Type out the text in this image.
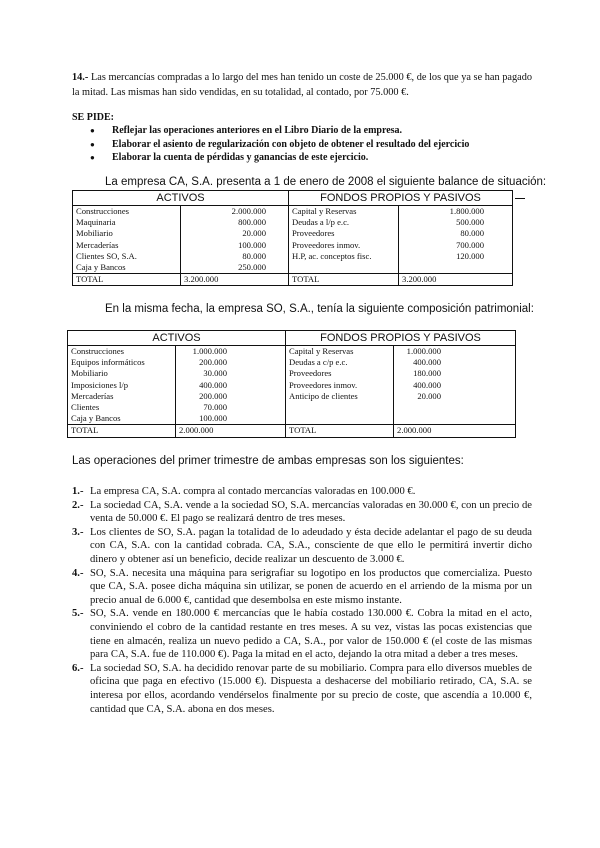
14.- Las mercancías compradas a lo largo del mes han tenido un coste de 25.000 €, de los que ya se han pagado la mitad. Las mismas han sido vendidas, en su totalidad, al contado, por 75.000 €.
SE PIDE:
● Reflejar las operaciones anteriores en el Libro Diario de la empresa.
● Elaborar el asiento de regularización con objeto de obtener el resultado del ejercicio
● Elaborar la cuenta de pérdidas y ganancias de este ejercicio.
La empresa CA, S.A. presenta a 1 de enero de 2008 el siguiente balance de situación:
ACTIVOS		FONDOS PROPIOS Y PASIVOS	
Construcciones	2.000.000	Capital y Reservas	1.800.000
Maquinaria	800.000	Deudas a l/p e.c.	500.000
Mobiliario	20.000	Proveedores	80.000
Mercaderías	100.000	Proveedores inmov.	700.000
Clientes SO, S.A.	80.000	H.P, ac. conceptos fisc.	120.000
Caja y Bancos	250.000		
TOTAL	3.200.000	TOTAL	3.200.000
En la misma fecha, la empresa SO, S.A., tenía la siguiente composición patrimonial:
ACTIVOS		FONDOS PROPIOS Y PASIVOS	
Construcciones	1.000.000	Capital y Reservas	1.000.000
Equipos informáticos	200.000	Deudas a c/p e.c.	400.000
Mobiliario	30.000	Proveedores	180.000
Imposiciones l/p	400.000	Proveedores inmov.	400.000
Mercaderías	200.000	Anticipo de clientes	20.000
Clientes	70.000		
Caja y Bancos	100.000		
TOTAL	2.000.000	TOTAL	2.000.000
Las operaciones del primer trimestre de ambas empresas son los siguientes:
1.- La empresa CA, S.A. compra al contado mercancías valoradas en 100.000 €.
2.- La sociedad CA, S.A. vende a la sociedad SO, S.A. mercancías valoradas en 30.000 €, con un precio de venta de 50.000 €. El pago se realizará dentro de tres meses.
3.- Los clientes de SO, S.A. pagan la totalidad de lo adeudado y ésta decide adelantar el pago de su deuda con CA, S.A. con la cantidad cobrada. CA, S.A., consciente de que ello le permitirá invertir dicho dinero y obtener así un beneficio, decide realizar un descuento de 3.000 €.
4.- SO, S.A. necesita una máquina para serigrafiar su logotipo en los productos que comercializa. Puesto que CA, S.A. posee dicha máquina sin utilizar, se ponen de acuerdo en el arriendo de la misma por un precio anual de 6.000 €, cantidad que desembolsa en este mismo instante.
5.- SO, S.A. vende en 180.000 € mercancías que le había costado 130.000 €. Cobra la mitad en el acto, conviniendo el cobro de la cantidad restante en tres meses. A su vez, vistas las pocas existencias que tiene en almacén, realiza un nuevo pedido a CA, S.A., por valor de 150.000 € (el coste de las mismas para CA, S.A. fue de 110.000 €). Paga la mitad en el acto, dejando la otra mitad a deber a tres meses.
6.- La sociedad SO, S.A. ha decidido renovar parte de su mobiliario. Compra para ello diversos muebles de oficina que paga en efectivo (15.000 €). Dispuesta a deshacerse del mobiliario retirado, CA, S.A. se interesa por ellos, acordando vendérselos finalmente por su precio de coste, que ascendía a 10.000 €, cantidad que CA, S.A. abona en dos meses.
